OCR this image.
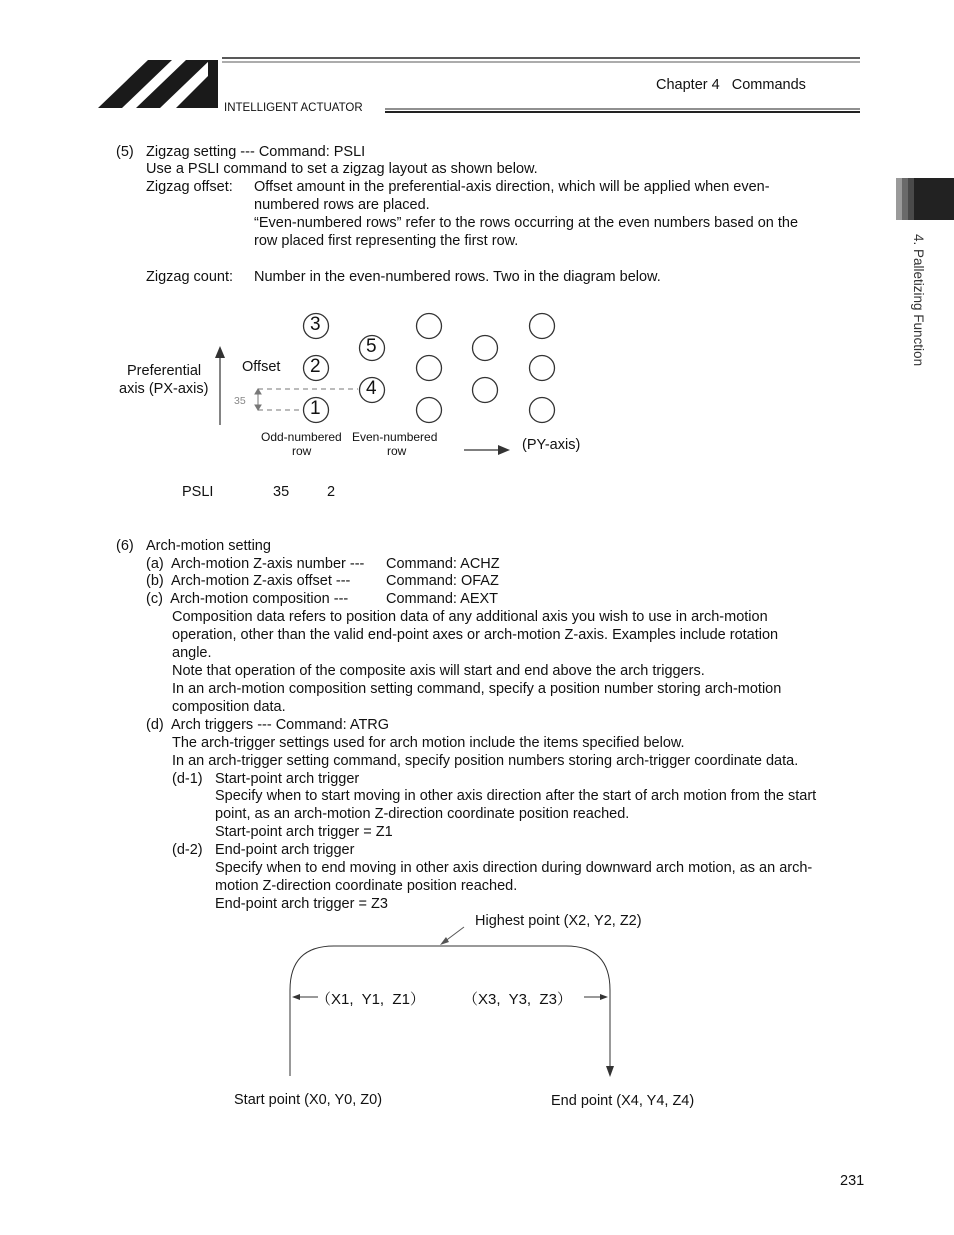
INTELLIGENT ACTUATOR
Chapter 4   Commands
4. Palletizing Function
(5) Zigzag setting --- Command: PSLI
Use a PSLI command to set a zigzag layout as shown below.
Zigzag offset: Offset amount in the preferential-axis direction, which will be applied when even-
numbered rows are placed.
“Even-numbered rows” refer to the rows occurring at the even numbers based on the
row placed first representing the first row.
Zigzag count: Number in the even-numbered rows. Two in the diagram below.
1
2
3
4
5
Preferential
axis (PX-axis)
Offset
35
Odd-numbered
row
Even-numbered
row	(PY-axis)
PSLI	35	2
(6) Arch-motion setting
(a)  Arch-motion Z-axis number --- Command: ACHZ
(b)  Arch-motion Z-axis offset --- Command: OFAZ
(c)  Arch-motion composition ---	Command: AEXT
Composition data refers to position data of any additional axis you wish to use in arch-motion
operation, other than the valid end-point axes or arch-motion Z-axis. Examples include rotation
angle.
Note that operation of the composite axis will start and end above the arch triggers.
In an arch-motion composition setting command, specify a position number storing arch-motion
composition data.
(d)  Arch triggers --- Command: ATRG
The arch-trigger settings used for arch motion include the items specified below.
In an arch-trigger setting command, specify position numbers storing arch-trigger coordinate data.
(d-1) Start-point arch trigger
Specify when to start moving in other axis direction after the start of arch motion from the start
point, as an arch-motion Z-direction coordinate position reached.
Start-point arch trigger = Z1
(d-2) End-point arch trigger
Specify when to end moving in other axis direction during downward arch motion, as an arch-
motion Z-direction coordinate position reached.
End-point arch trigger = Z3
Highest point (X2, Y2, Z2)
（X1,  Y1,  Z1）	（X3,  Y3,  Z3）
Start point (X0, Y0, Z0)	End point (X4, Y4, Z4)
231
